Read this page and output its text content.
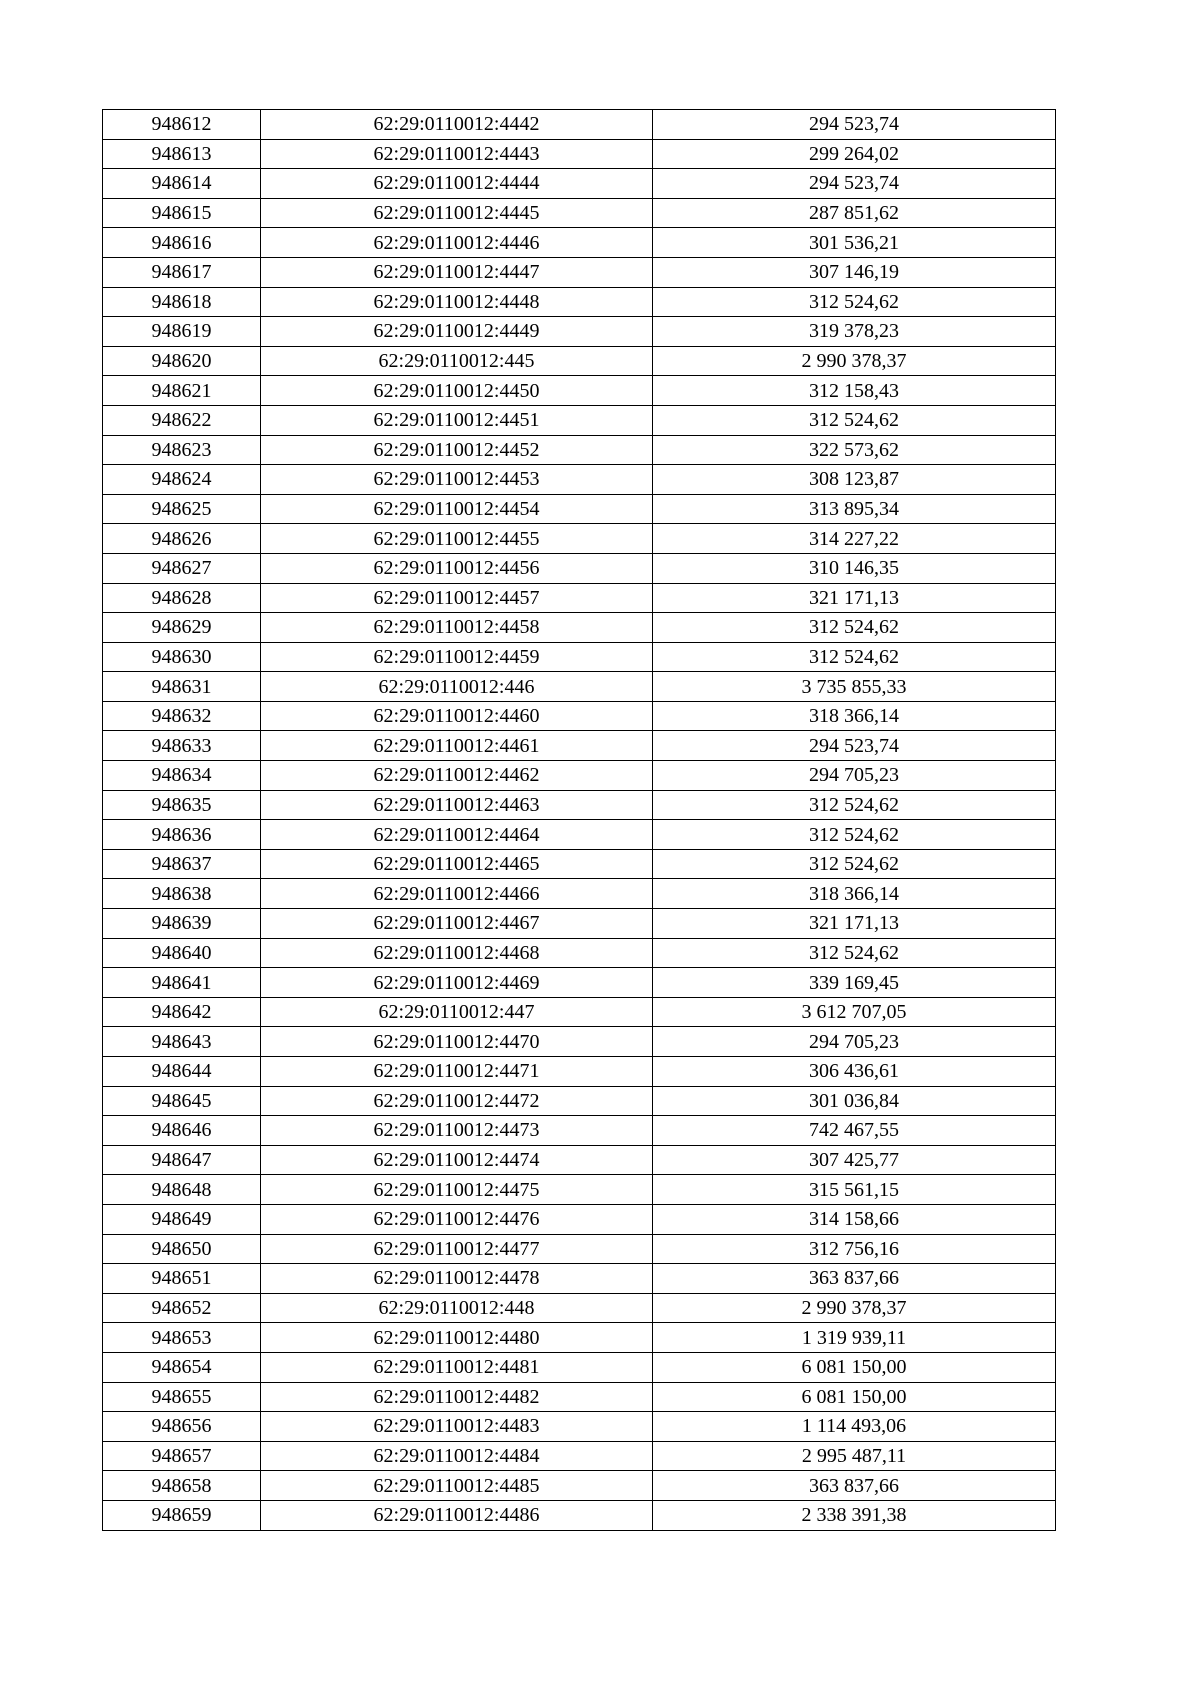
948612	62:29:0110012:4442	294 523,74
948613	62:29:0110012:4443	299 264,02
948614	62:29:0110012:4444	294 523,74
948615	62:29:0110012:4445	287 851,62
948616	62:29:0110012:4446	301 536,21
948617	62:29:0110012:4447	307 146,19
948618	62:29:0110012:4448	312 524,62
948619	62:29:0110012:4449	319 378,23
948620	62:29:0110012:445	2 990 378,37
948621	62:29:0110012:4450	312 158,43
948622	62:29:0110012:4451	312 524,62
948623	62:29:0110012:4452	322 573,62
948624	62:29:0110012:4453	308 123,87
948625	62:29:0110012:4454	313 895,34
948626	62:29:0110012:4455	314 227,22
948627	62:29:0110012:4456	310 146,35
948628	62:29:0110012:4457	321 171,13
948629	62:29:0110012:4458	312 524,62
948630	62:29:0110012:4459	312 524,62
948631	62:29:0110012:446	3 735 855,33
948632	62:29:0110012:4460	318 366,14
948633	62:29:0110012:4461	294 523,74
948634	62:29:0110012:4462	294 705,23
948635	62:29:0110012:4463	312 524,62
948636	62:29:0110012:4464	312 524,62
948637	62:29:0110012:4465	312 524,62
948638	62:29:0110012:4466	318 366,14
948639	62:29:0110012:4467	321 171,13
948640	62:29:0110012:4468	312 524,62
948641	62:29:0110012:4469	339 169,45
948642	62:29:0110012:447	3 612 707,05
948643	62:29:0110012:4470	294 705,23
948644	62:29:0110012:4471	306 436,61
948645	62:29:0110012:4472	301 036,84
948646	62:29:0110012:4473	742 467,55
948647	62:29:0110012:4474	307 425,77
948648	62:29:0110012:4475	315 561,15
948649	62:29:0110012:4476	314 158,66
948650	62:29:0110012:4477	312 756,16
948651	62:29:0110012:4478	363 837,66
948652	62:29:0110012:448	2 990 378,37
948653	62:29:0110012:4480	1 319 939,11
948654	62:29:0110012:4481	6 081 150,00
948655	62:29:0110012:4482	6 081 150,00
948656	62:29:0110012:4483	1 114 493,06
948657	62:29:0110012:4484	2 995 487,11
948658	62:29:0110012:4485	363 837,66
948659	62:29:0110012:4486	2 338 391,38
